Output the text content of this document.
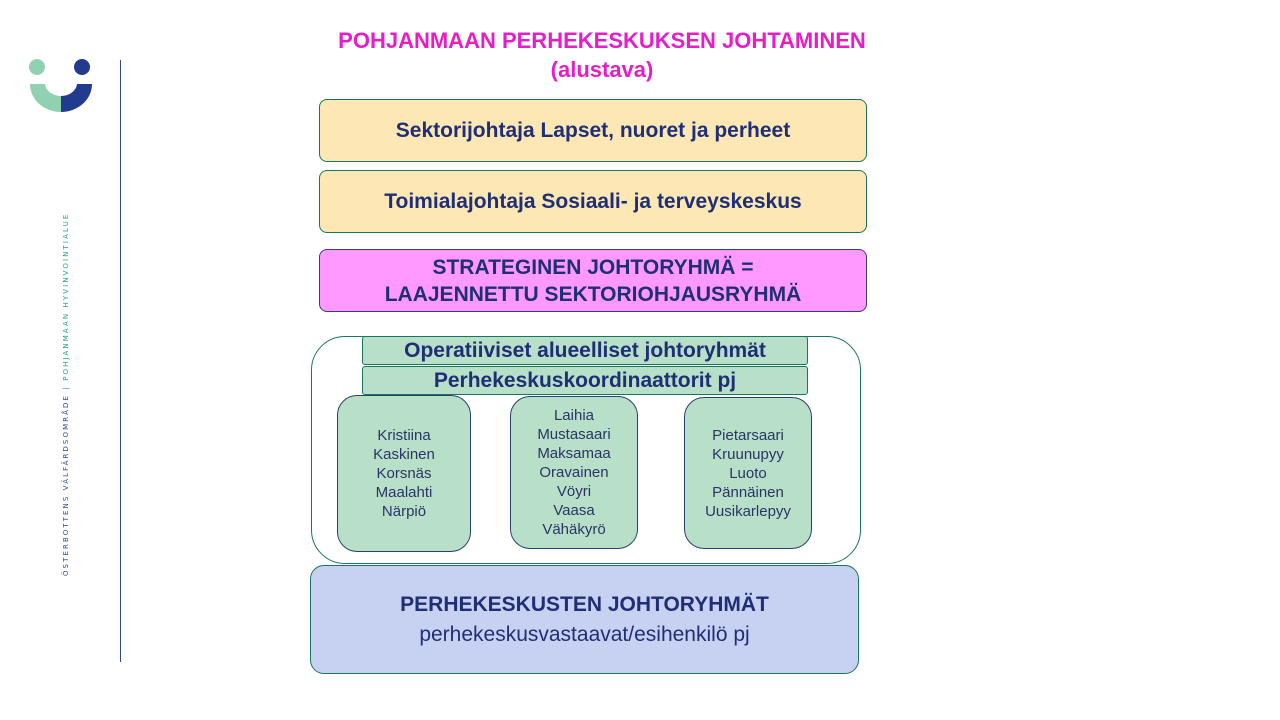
ÖSTERBOTTENS VÄLFÄRDSOMRÅDE | POHJANMAAN HYVINVOINTIALUE
POHJANMAAN PERHEKESKUKSEN JOHTAMINEN
(alustava)
Sektorijohtaja Lapset, nuoret ja perheet
Toimialajohtaja Sosiaali- ja terveyskeskus
STRATEGINEN JOHTORYHMÄ =
LAAJENNETTU SEKTORIOHJAUSRYHMÄ
Operatiiviset alueelliset johtoryhmät
Perhekeskuskoordinaattorit pj
Kristiina
Kaskinen
Korsnäs
Maalahti
Närpiö
Laihia
Mustasaari
Maksamaa
Oravainen
Vöyri
Vaasa
Vähäkyrö
Pietarsaari
Kruunupyy
Luoto
Pännäinen
Uusikarlepyy
PERHEKESKUSTEN JOHTORYHMÄT
perhekeskusvastaavat/esihenkilö pj
